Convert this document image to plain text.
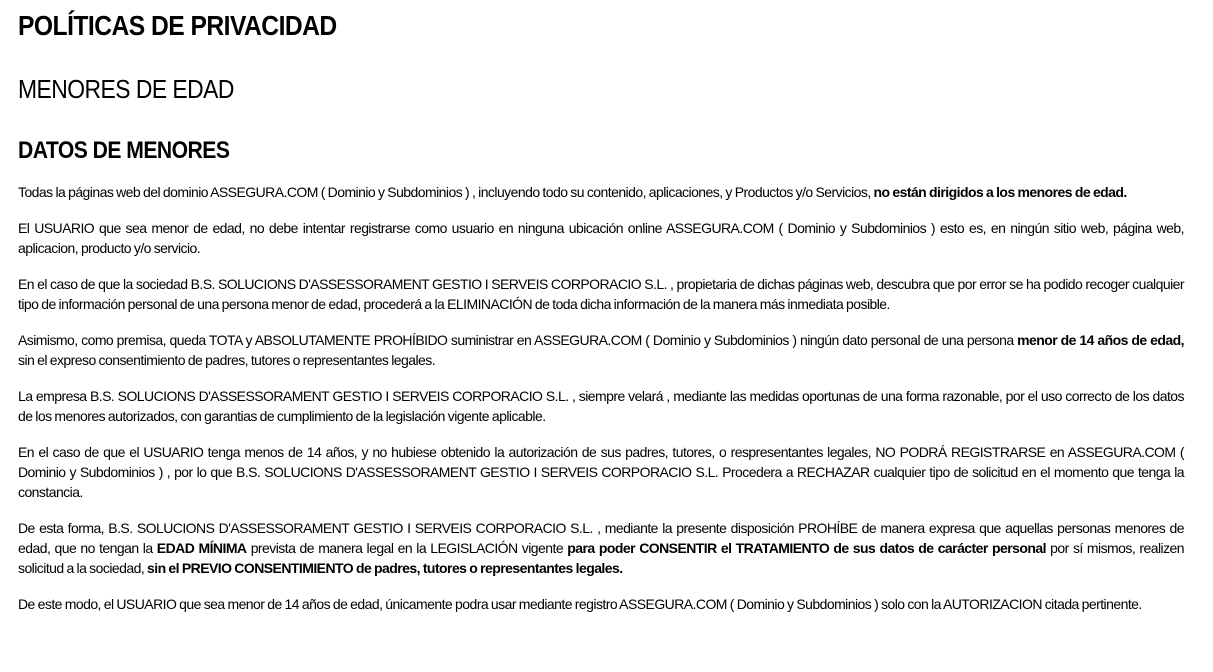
POLÍTICAS DE PRIVACIDAD
MENORES DE EDAD
DATOS DE MENORES

Todas la páginas web del dominio ASSEGURA.COM ( Dominio y Subdominios ) , incluyendo todo su contenido, aplicaciones, y Productos y/o Servicios, no están dirigidos a los menores de edad.

El USUARIO que sea menor de edad, no debe intentar registrarse como usuario en ninguna ubicación online ASSEGURA.COM ( Dominio y Subdominios ) esto es, en ningún sitio web, página web, aplicacion, producto y/o servicio.

En el caso de que la sociedad B.S. SOLUCIONS D'ASSESSORAMENT GESTIO I SERVEIS CORPORACIO S.L. , propietaria de dichas páginas web, descubra que por error se ha podido recoger cualquier tipo de información personal de una persona menor de edad, procederá a la ELIMINACIÓN de toda dicha información de la manera más inmediata posible.

Asimismo, como premisa, queda TOTA y ABSOLUTAMENTE PROHÍBIDO suministrar en ASSEGURA.COM ( Dominio y Subdominios ) ningún dato personal de una persona menor de 14 años de edad, sin el expreso consentimiento de padres, tutores o representantes legales.

La empresa B.S. SOLUCIONS D'ASSESSORAMENT GESTIO I SERVEIS CORPORACIO S.L. , siempre velará , mediante las medidas oportunas de una forma razonable, por el uso correcto de los datos de los menores autorizados, con garantias de cumplimiento de la legislación vigente aplicable.

En el caso de que el USUARIO tenga menos de 14 años, y no hubiese obtenido la autorización de sus padres, tutores, o respresentantes legales, NO PODRÁ REGISTRARSE en ASSEGURA.COM ( Dominio y Subdominios ) , por lo que B.S. SOLUCIONS D'ASSESSORAMENT GESTIO I SERVEIS CORPORACIO S.L. Procedera a RECHAZAR cualquier tipo de solicitud en el momento que tenga la constancia.

De esta forma, B.S. SOLUCIONS D'ASSESSORAMENT GESTIO I SERVEIS CORPORACIO S.L. , mediante la presente disposición PROHÍBE de manera expresa que aquellas personas menores de edad, que no tengan la EDAD MÍNIMA prevista de manera legal en la LEGISLACIÓN vigente para poder CONSENTIR el TRATAMIENTO de sus datos de carácter personal por sí mismos, realizen solicitud a la sociedad, sin el PREVIO CONSENTIMIENTO de padres, tutores o representantes legales.

De este modo, el USUARIO que sea menor de 14 años de edad, únicamente podra usar mediante registro ASSEGURA.COM ( Dominio y Subdominios ) solo con la AUTORIZACION citada pertinente.
